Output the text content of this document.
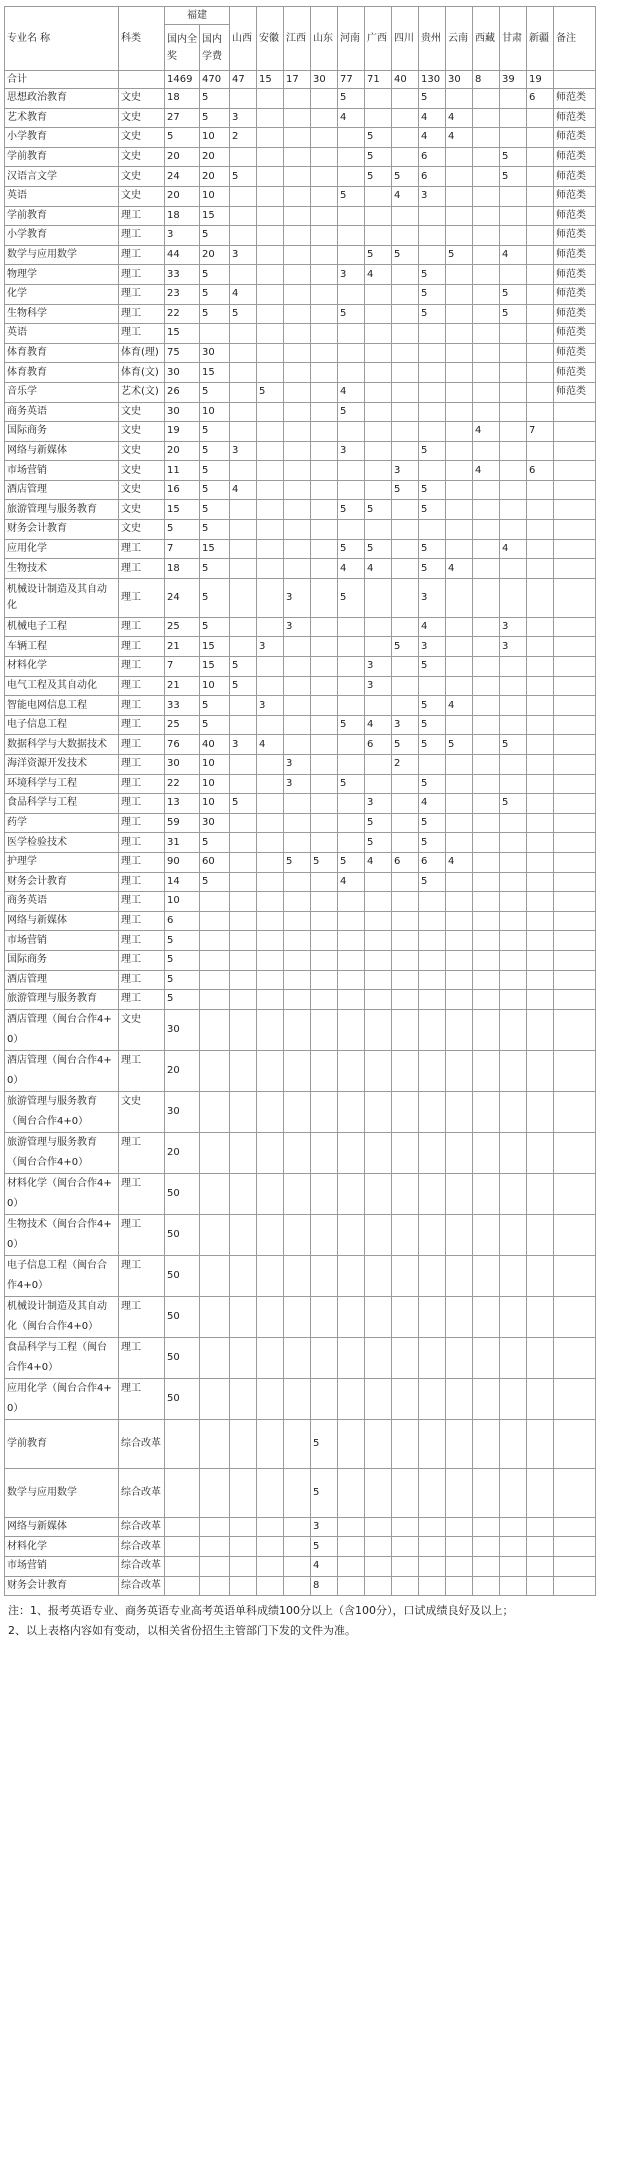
专业名 称	科类	福建		山西	安徽	江西	山东	河南	广西	四川	贵州	云南	西藏	甘肃	新疆	备注	
		国内全奖	国内学费														
合计		1469	470	47	15	17	30	77	71	40	130	30	8	39	19		
思想政治教育	文史	18	5					5			5				6	师范类	
艺术教育	文史	27	5	3				4			4	4				师范类	
小学教育	文史	5	10	2					5		4	4				师范类	
学前教育	文史	20	20						5		6			5		师范类	
汉语言文学	文史	24	20	5					5	5	6			5		师范类	
英语	文史	20	10					5		4	3					师范类	
学前教育	理工	18	15													师范类	
小学教育	理工	3	5													师范类	
数学与应用数学	理工	44	20	3					5	5		5		4		师范类	
物理学	理工	33	5					3	4		5					师范类	
化学	理工	23	5	4							5			5		师范类	
生物科学	理工	22	5	5				5			5			5		师范类	
英语	理工	15														师范类	
体育教育	体育(理)	75	30													师范类	
体育教育	体育(文)	30	15													师范类	
音乐学	艺术(文)	26	5		5			4								师范类	
商务英语	文史	30	10					5									
国际商务	文史	19	5										4		7		
网络与新媒体	文史	20	5	3				3			5						
市场营销	文史	11	5							3			4		6		
酒店管理	文史	16	5	4						5	5						
旅游管理与服务教育	文史	15	5					5	5		5						
财务会计教育	文史	5	5														
应用化学	理工	7	15					5	5		5			4			
生物技术	理工	18	5					4	4		5	4					
机械设计制造及其自动化	理工	24	5			3		5			3						
机械电子工程	理工	25	5			3					4			3			
车辆工程	理工	21	15		3					5	3			3			
材料化学	理工	7	15	5					3		5						
电气工程及其自动化	理工	21	10	5					3								
智能电网信息工程	理工	33	5		3						5	4					
电子信息工程	理工	25	5					5	4	3	5						
数据科学与大数据技术	理工	76	40	3	4				6	5	5	5		5			
海洋资源开发技术	理工	30	10			3				2							
环境科学与工程	理工	22	10			3		5			5						
食品科学与工程	理工	13	10	5					3		4			5			
药学	理工	59	30						5		5						
医学检验技术	理工	31	5						5		5						
护理学	理工	90	60			5	5	5	4	6	6	4					
财务会计教育	理工	14	5					4			5						
商务英语	理工	10															
网络与新媒体	理工	6															
市场营销	理工	5															
国际商务	理工	5															
酒店管理	理工	5															
旅游管理与服务教育	理工	5															
酒店管理（闽台合作4+0）	文史	30															
酒店管理（闽台合作4+0）	理工	20															
旅游管理与服务教育（闽台合作4+0）	文史	30															
旅游管理与服务教育（闽台合作4+0）	理工	20															
材料化学（闽台合作4+0）	理工	50															
生物技术（闽台合作4+0）	理工	50															
电子信息工程（闽台合作4+0）	理工	50															
机械设计制造及其自动化（闽台合作4+0）	理工	50															
食品科学与工程（闽台合作4+0）	理工	50															
应用化学（闽台合作4+0）	理工	50															
学前教育	综合改革						5										
数学与应用数学	综合改革						5										
网络与新媒体	综合改革						3										
材料化学	综合改革						5										
市场营销	综合改革						4										
财务会计教育	综合改革						8										
注：1、报考英语专业、商务英语专业高考英语单科成绩100分以上（含100分），口试成绩良好及以上；
2、以上表格内容如有变动，以相关省份招生主管部门下发的文件为准。
